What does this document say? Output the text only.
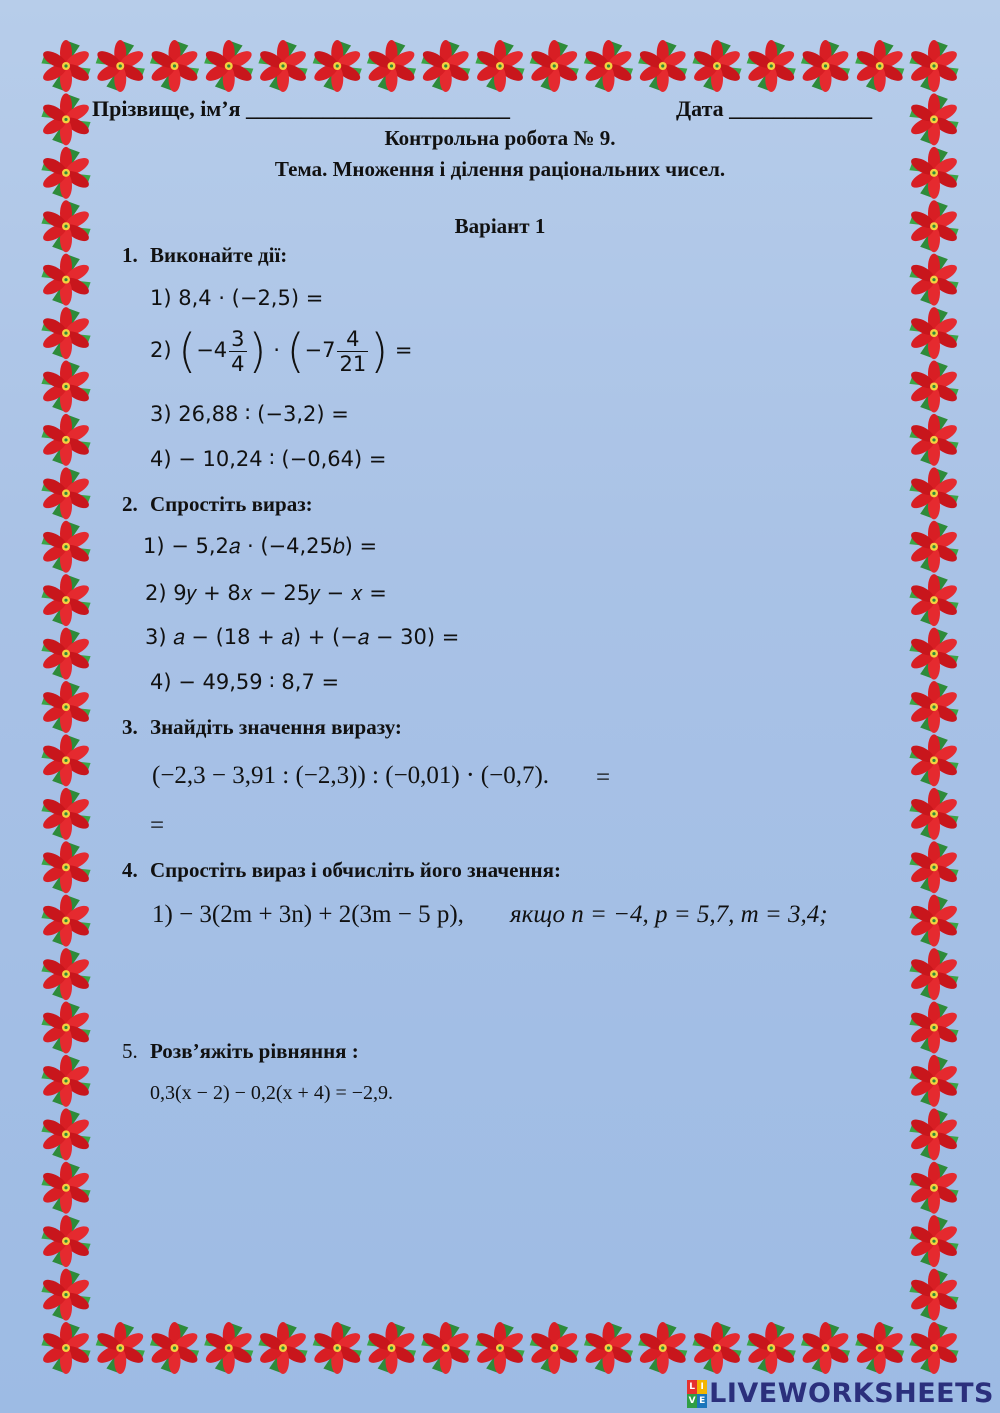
Прізвище, ім’я ________________________	Дата _____________
Контрольна робота № 9.
Тема. Множення і ділення раціональних чисел.
Варіант 1
1. Виконайте дії:
1) 8,4 ⋅ (−2,5) =
2) ($-4 \frac{3}{4}$ ) ⋅ ($-7 \frac{4}{21}$ ) =
3) 26,88 ∶ (−3,2) =
4) − 10,24 ∶ (−0,64) =
2. Спростіть вираз:
1) − 5,2𝑎 ⋅ (−4,25𝑏) =
2) 9𝑦 + 8𝑥 − 25𝑦 − 𝑥 =
3) 𝑎 − (18 + 𝑎) + (−𝑎 − 30) =
4) − 49,59 ∶ 8,7 =
3. Знайдіть значення виразу:
(−2,3 − 3,91 : (−2,3)) : (−0,01) ⋅ (−0,7). =
=
4. Спростіть вираз і обчисліть його значення:
1) − 3(2m + 3n) + 2(3m − 5 p), якщо n = −4, p = 5,7, m = 3,4;
5. Розв’яжіть рівняння :
0,3(x − 2) − 0,2(x + 4) = −2,9.
L I
V E LIVEWORKSHEETS
